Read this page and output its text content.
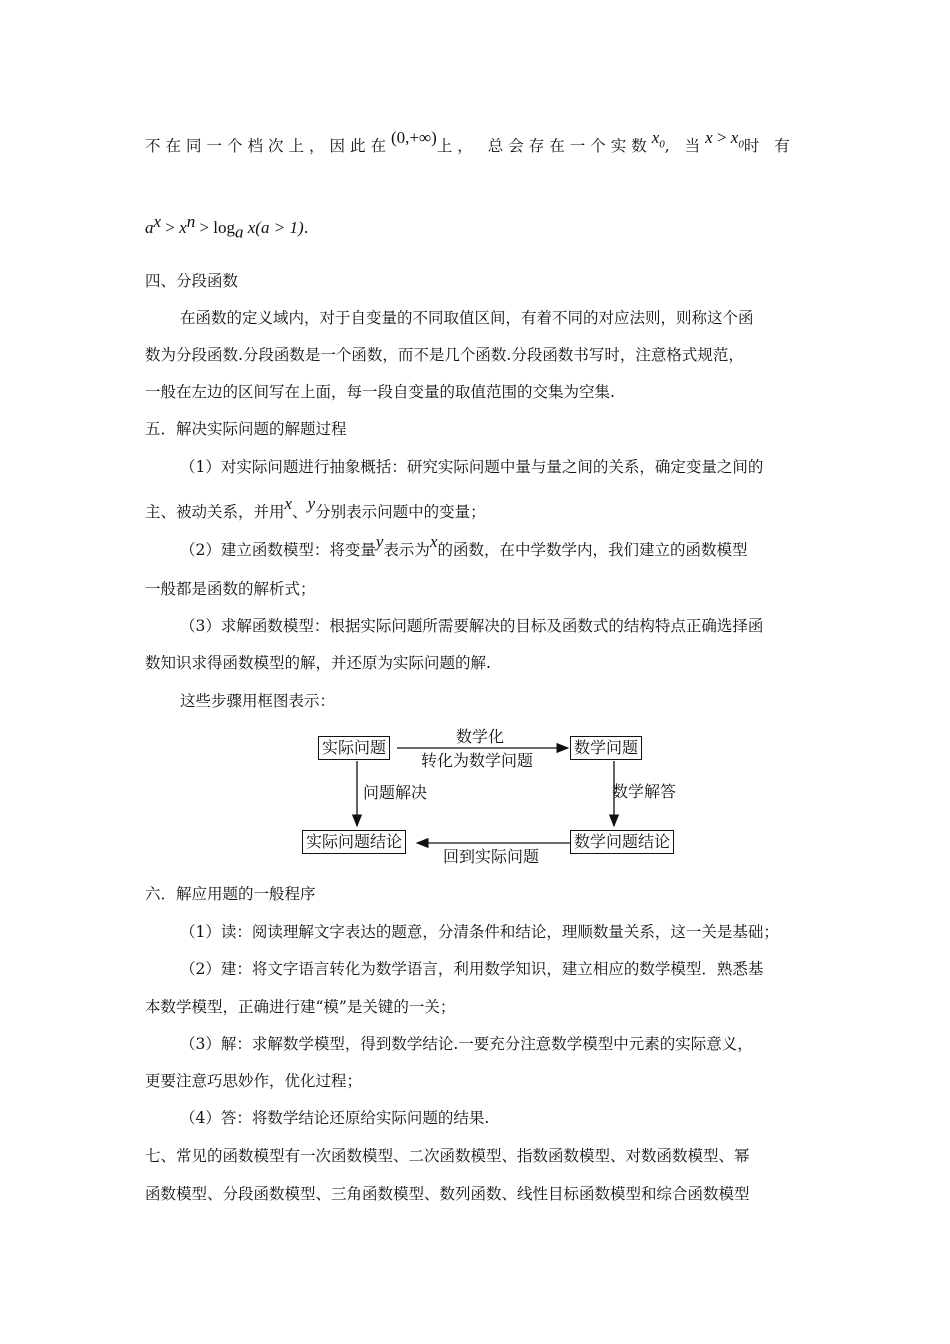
不在同一个档次上，因此在(0,+∞)上， 总会存在一个实数$x_0$, 当$x > x_0$时 有
$a^x > x^n > \log_a x(a > 1)$.
四、分段函数
在函数的定义域内，对于自变量的不同取值区间，有着不同的对应法则，则称这个函
数为分段函数.分段函数是一个函数，而不是几个函数.分段函数书写时，注意格式规范，
一般在左边的区间写在上面，每一段自变量的取值范围的交集为空集.
五．解决实际问题的解题过程
（1）对实际问题进行抽象概括：研究实际问题中量与量之间的关系，确定变量之间的
主、被动关系，并用x、y分别表示问题中的变量；
（2）建立函数模型：将变量y表示为x的函数，在中学数学内，我们建立的函数模型
一般都是函数的解析式；
（3）求解函数模型：根据实际问题所需要解决的目标及函数式的结构特点正确选择函
数知识求得函数模型的解，并还原为实际问题的解.
这些步骤用框图表示：
实际问题	数学问题
实际问题结论	数学问题结论
数学化
转化为数学问题
问题解决	数学解答
回到实际问题
六．解应用题的一般程序
（1）读：阅读理解文字表达的题意，分清条件和结论，理顺数量关系，这一关是基础；
（2）建：将文字语言转化为数学语言，利用数学知识，建立相应的数学模型．熟悉基
本数学模型，正确进行建“模”是关键的一关；
（3）解：求解数学模型，得到数学结论.一要充分注意数学模型中元素的实际意义，
更要注意巧思妙作，优化过程；
（4）答：将数学结论还原给实际问题的结果.
七、常见的函数模型有一次函数模型、二次函数模型、指数函数模型、对数函数模型、幂
函数模型、分段函数模型、三角函数模型、数列函数、线性目标函数模型和综合函数模型
